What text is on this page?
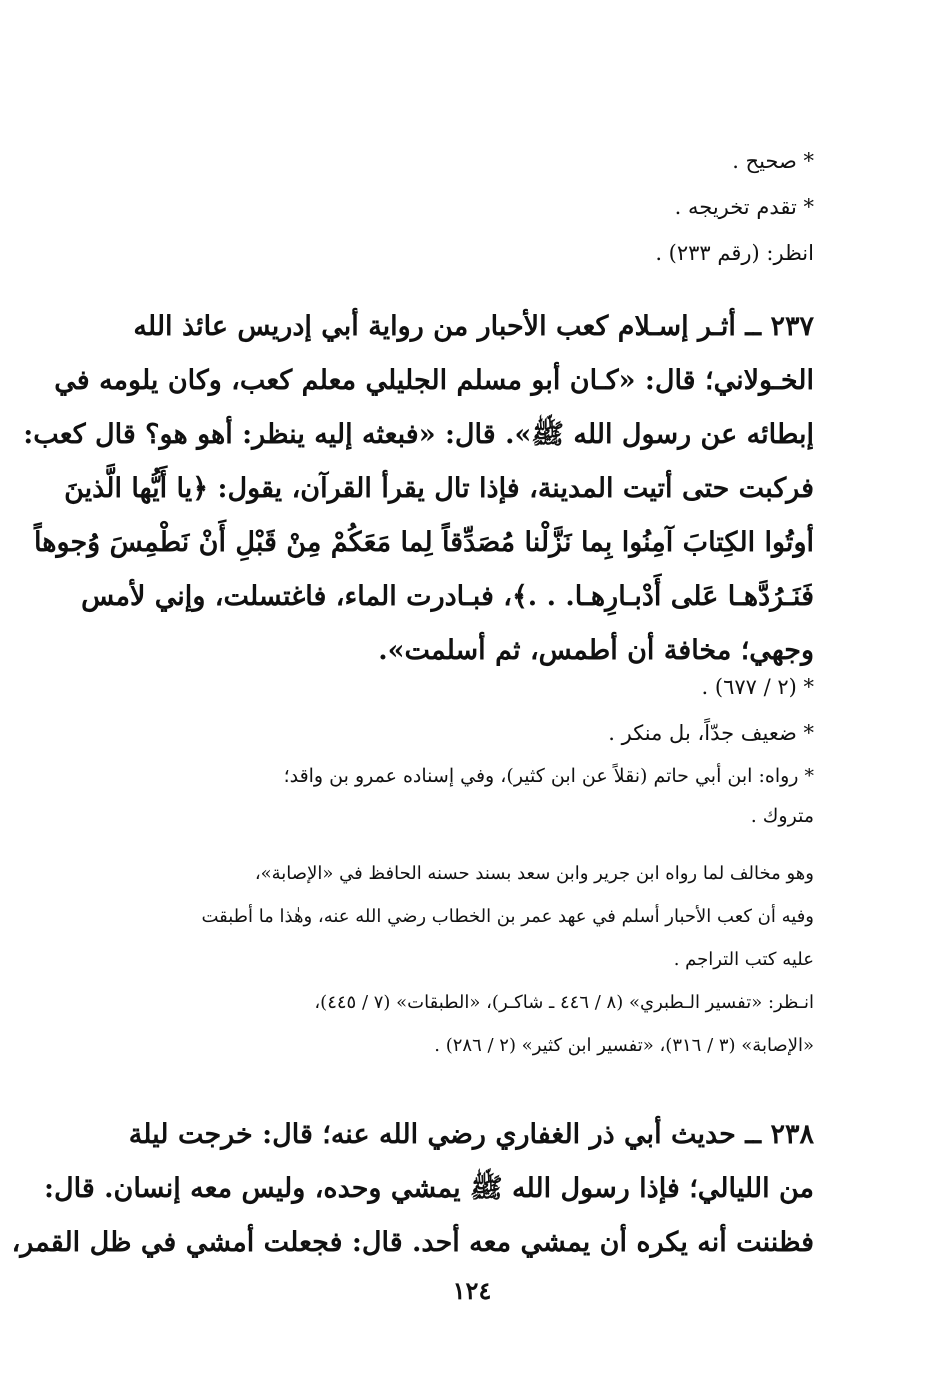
* صحيح .
* تقدم تخريجه .
انظر: (رقم ٢٣٣) .
٢٣٧ ــ أثـر إسـلام كعب الأحبار من رواية أبي إدريس عائذ الله
الخـولاني؛ قال: «كـان أبو مسلم الجليلي معلم كعب، وكان يلومه في
إبطائه عن رسول الله ﷺ». قال: «فبعثه إليه ينظر: أهو هو؟ قال كعب:
فركبت حتى أتيت المدينة، فإذا تال يقرأ القرآن، يقول: ﴿يا أَيُّها الَّذينَ
أوتُوا الكِتابَ آمِنُوا بِما نَزَّلْنا مُصَدِّقاً لِما مَعَكُمْ مِنْ قَبْلِ أَنْ نَطْمِسَ وُجوهاً
فَنَـرُدَّهـا عَلى أَدْبـارِهـا. . .﴾، فبـادرت الماء، فاغتسلت، وإني لأمس
وجهي؛ مخافة أن أطمس، ثم أسلمت».
* (٢ / ٦٧٧) .
* ضعيف جدّاً، بل منكر .
* رواه: ابن أبي حاتم (نقلاً عن ابن كثير)، وفي إسناده عمرو بن واقد؛
متروك .
وهو مخالف لما رواه ابن جرير وابن سعد بسند حسنه الحافظ في «الإصابة»،
وفيه أن كعب الأحبار أسلم في عهد عمر بن الخطاب رضي الله عنه، وهٰذا ما أطبقت
عليه كتب التراجم .
انـظر: «تفسير الـطبري» (٨ / ٤٤٦ ـ شاكـر)، «الطبقات» (٧ / ٤٤٥)،
«الإصابة» (٣ / ٣١٦)، «تفسير ابن كثير» (٢ / ٢٨٦) .
٢٣٨ ــ حديث أبي ذر الغفاري رضي الله عنه؛ قال: خرجت ليلة
من الليالي؛ فإذا رسول الله ﷺ يمشي وحده، وليس معه إنسان. قال:
فظننت أنه يكره أن يمشي معه أحد. قال: فجعلت أمشي في ظل القمر،
١٢٤
